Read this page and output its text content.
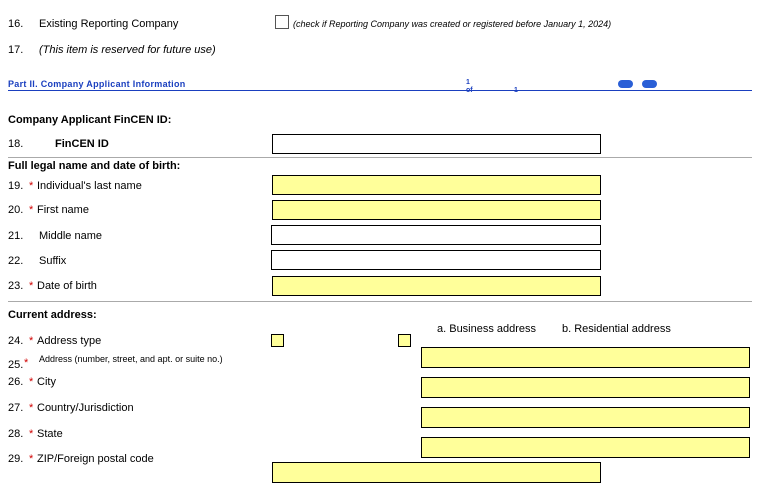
16. Existing Reporting Company	(check if Reporting Company was created or registered before January 1, 2024)
17. (This item is reserved for future use)
Part II. Company Applicant Information	1
Company Applicant FinCEN ID:
18.	FinCEN ID
Full legal name and date of birth:
19. * Individual's last name
20. * First name
21. Middle name
22. Suffix
23. * Date of birth
Current address:
a. Business address b. Residential address
24. * Address type
25. * Address (number, street, and apt. or suite no.)
26. * City
27. * Country/Jurisdiction
28. * State
29. * ZIP/Foreign postal code
